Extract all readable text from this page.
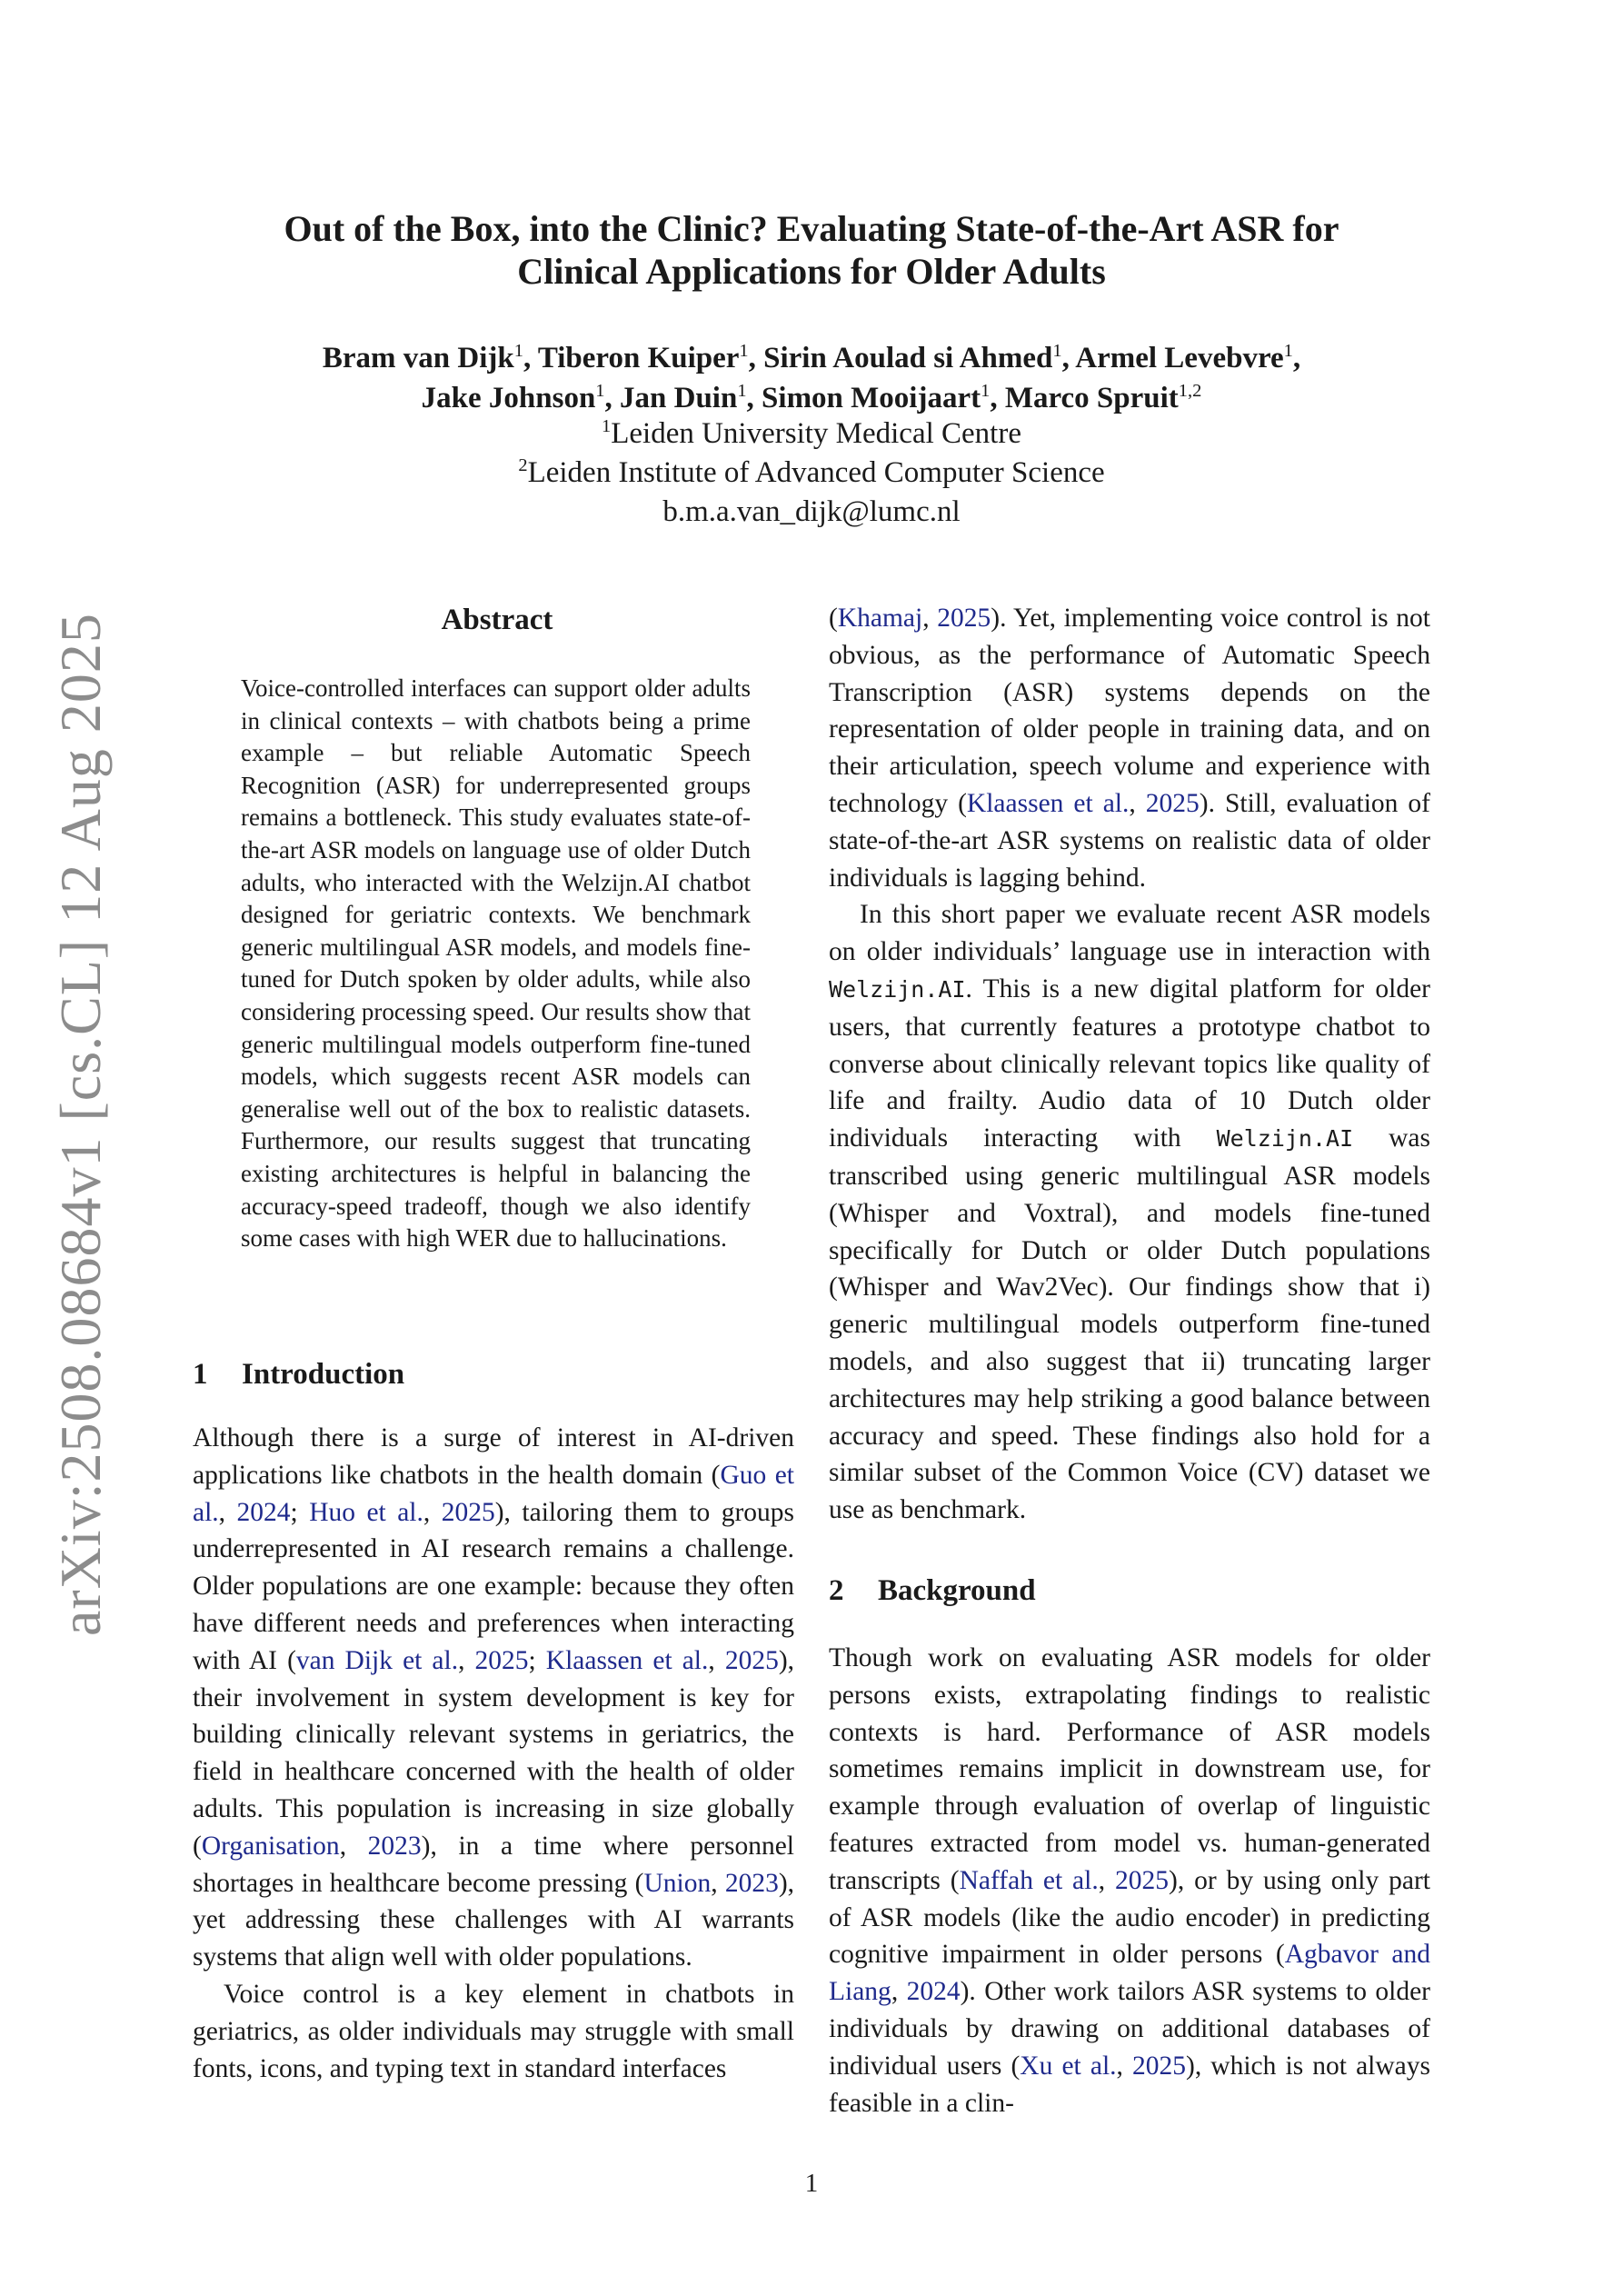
arXiv:2508.08684v1 [cs.CL] 12 Aug 2025
Out of the Box, into the Clinic? Evaluating State-of-the-Art ASR for
Clinical Applications for Older Adults
Bram van Dijk$^1$, Tiberon Kuiper$^1$, Sirin Aoulad si Ahmed$^1$, Armel Levebvre$^1$,
Jake Johnson$^1$, Jan Duin$^1$, Simon Mooijaart$^1$, Marco Spruit$^{1,2}$
$^1$Leiden University Medical Centre
$^2$Leiden Institute of Advanced Computer Science
b.m.a.van_dijk@lumc.nl
Abstract
Voice-controlled interfaces can support older adults in clinical contexts – with chatbots being a prime example – but reliable Automatic Speech Recognition (ASR) for underrepresented groups remains a bottleneck. This study evaluates state-of-the-art ASR models on language use of older Dutch adults, who interacted with the Welzijn.AI chatbot designed for geriatric contexts. We benchmark generic multilingual ASR models, and models fine-tuned for Dutch spoken by older adults, while also considering processing speed. Our results show that generic multilingual models outperform fine-tuned models, which suggests recent ASR models can generalise well out of the box to realistic datasets. Furthermore, our results suggest that truncating existing architectures is helpful in balancing the accuracy-speed tradeoff, though we also identify some cases with high WER due to hallucinations.
1 Introduction

Although there is a surge of interest in AI-driven applications like chatbots in the health domain (Guo et al., 2024; Huo et al., 2025), tailoring them to groups underrepresented in AI research remains a challenge. Older populations are one example: because they often have different needs and preferences when interacting with AI (van Dijk et al., 2025; Klaassen et al., 2025), their involvement in system development is key for building clinically relevant systems in geriatrics, the field in healthcare concerned with the health of older adults. This population is increasing in size globally (Organisation, 2023), in a time where personnel shortages in healthcare become pressing (Union, 2023), yet addressing these challenges with AI warrants systems that align well with older populations.

Voice control is a key element in chatbots in geriatrics, as older individuals may struggle with small fonts, icons, and typing text in standard interfaces

(Khamaj, 2025). Yet, implementing voice control is not obvious, as the performance of Automatic Speech Transcription (ASR) systems depends on the representation of older people in training data, and on their articulation, speech volume and experience with technology (Klaassen et al., 2025). Still, evaluation of state-of-the-art ASR systems on realistic data of older individuals is lagging behind.

In this short paper we evaluate recent ASR models on older individuals’ language use in interaction with Welzijn.AI. This is a new digital platform for older users, that currently features a prototype chatbot to converse about clinically relevant topics like quality of life and frailty. Audio data of 10 Dutch older individuals interacting with Welzijn.AI was transcribed using generic multilingual ASR models (Whisper and Voxtral), and models fine-tuned specifically for Dutch or older Dutch populations (Whisper and Wav2Vec). Our findings show that i) generic multilingual models outperform fine-tuned models, and also suggest that ii) truncating larger architectures may help striking a good balance between accuracy and speed. These findings also hold for a similar subset of the Common Voice (CV) dataset we use as benchmark.

2 Background

Though work on evaluating ASR models for older persons exists, extrapolating findings to realistic contexts is hard. Performance of ASR models sometimes remains implicit in downstream use, for example through evaluation of overlap of linguistic features extracted from model vs. human-generated transcripts (Naffah et al., 2025), or by using only part of ASR models (like the audio encoder) in predicting cognitive impairment in older persons (Agbavor and Liang, 2024). Other work tailors ASR systems to older individuals by drawing on additional databases of individual users (Xu et al., 2025), which is not always feasible in a clin-

1
